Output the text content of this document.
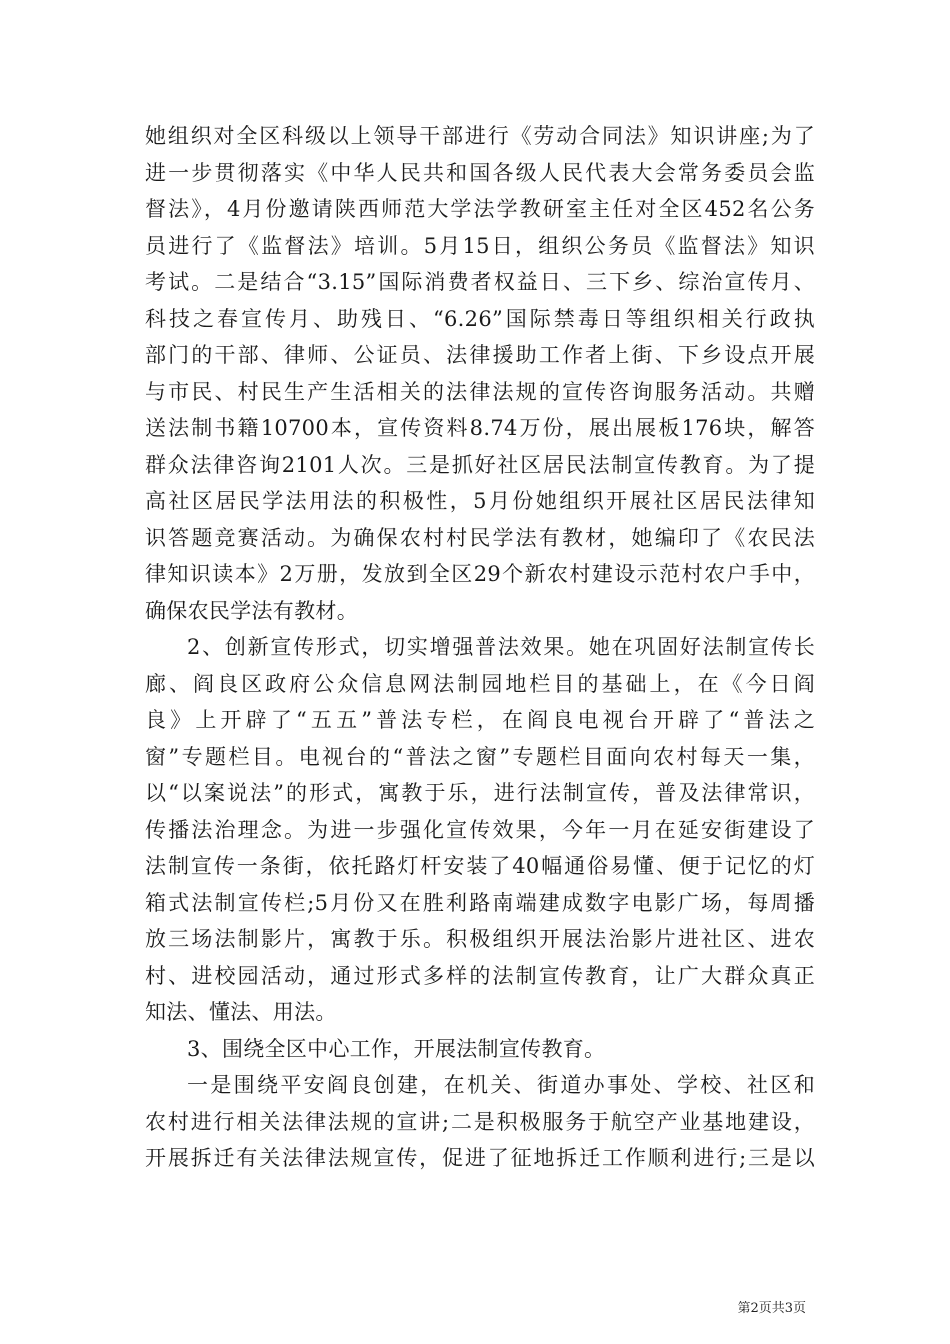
她组织对全区科级以上领导干部进行《劳动合同法》知识讲座;为了
进一步贯彻落实《中华人民共和国各级人民代表大会常务委员会监
督法》，4月份邀请陕西师范大学法学教研室主任对全区452名公务
员进行了《监督法》培训。5月15日，组织公务员《监督法》知识
考试。二是结合“3.15”国际消费者权益日、三下乡、综治宣传月、
科技之春宣传月、助残日、“6.26”国际禁毒日等组织相关行政执
部门的干部、律师、公证员、法律援助工作者上街、下乡设点开展
与市民、村民生产生活相关的法律法规的宣传咨询服务活动。共赠
送法制书籍10700本，宣传资料8.74万份，展出展板176块，解答
群众法律咨询2101人次。三是抓好社区居民法制宣传教育。为了提
高社区居民学法用法的积极性，5月份她组织开展社区居民法律知
识答题竞赛活动。为确保农村村民学法有教材，她编印了《农民法
律知识读本》2万册，发放到全区29个新农村建设示范村农户手中，
确保农民学法有教材。
2、创新宣传形式，切实增强普法效果。她在巩固好法制宣传长
廊、阎良区政府公众信息网法制园地栏目的基础上，在《今日阎
良》上开辟了“五五”普法专栏，在阎良电视台开辟了“普法之
窗”专题栏目。电视台的“普法之窗”专题栏目面向农村每天一集，
以“以案说法”的形式，寓教于乐，进行法制宣传，普及法律常识，
传播法治理念。为进一步强化宣传效果，今年一月在延安街建设了
法制宣传一条街，依托路灯杆安装了40幅通俗易懂、便于记忆的灯
箱式法制宣传栏;5月份又在胜利路南端建成数字电影广场，每周播
放三场法制影片，寓教于乐。积极组织开展法治影片进社区、进农
村、进校园活动，通过形式多样的法制宣传教育，让广大群众真正
知法、懂法、用法。
3、围绕全区中心工作，开展法制宣传教育。
一是围绕平安阎良创建，在机关、街道办事处、学校、社区和
农村进行相关法律法规的宣讲;二是积极服务于航空产业基地建设，
开展拆迁有关法律法规宣传，促进了征地拆迁工作顺利进行;三是以
第2页共3页
